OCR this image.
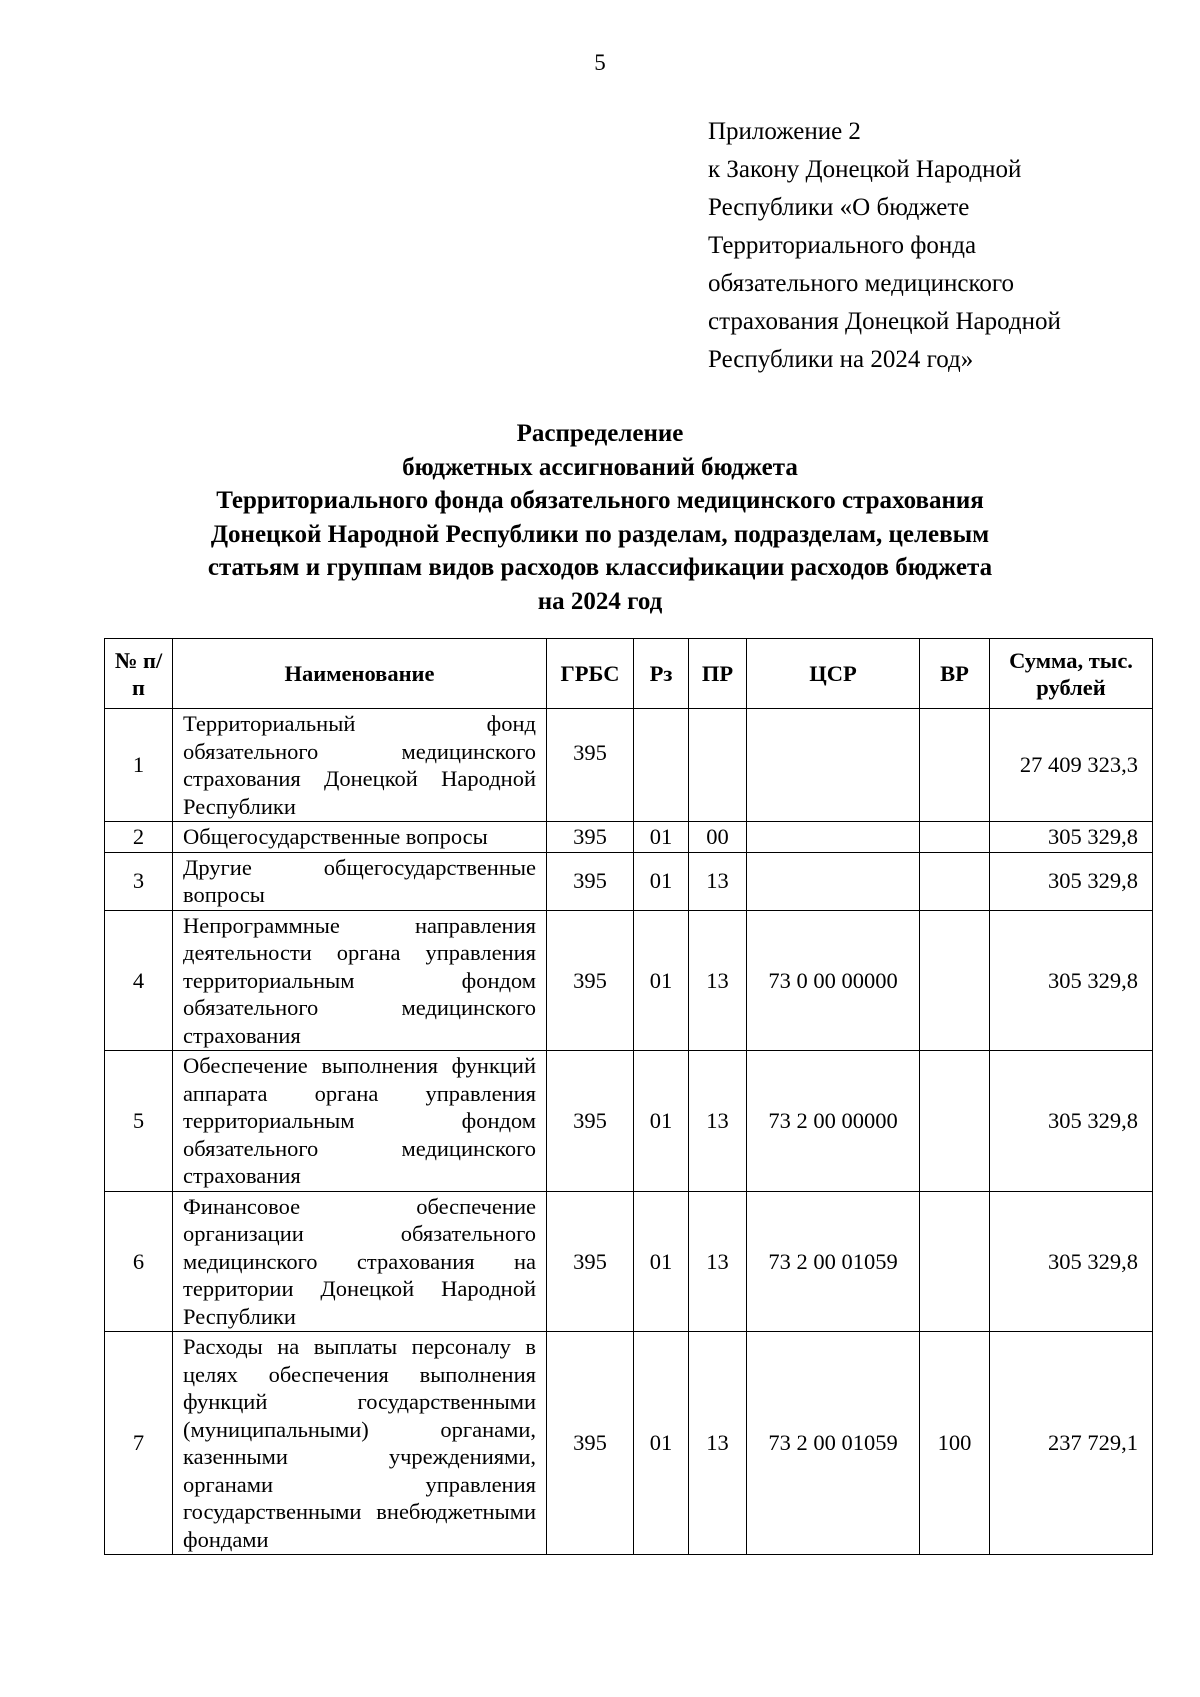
5
Приложение 2
к Закону Донецкой Народной
Республики «О бюджете
Территориального фонда
обязательного медицинского
страхования Донецкой Народной
Республики на 2024 год»
Распределение
бюджетных ассигнований бюджета
Территориального фонда обязательного медицинского страхования
Донецкой Народной Республики по разделам, подразделам, целевым
статьям и группам видов расходов классификации расходов бюджета
на 2024 год
№ п/п	Наименование	ГРБС	Рз	ПР	ЦСР	ВР	Сумма, тыс. рублей
1	Территориальный фонд обязательного медицинского страхования Донецкой Народной Республики	395					27 409 323,3
2	Общегосударственные вопросы	395	01	00			305 329,8
3	Другие общегосударственные вопросы	395	01	13			305 329,8
4	Непрограммные направления деятельности органа управления территориальным фондом обязательного медицинского страхования	395	01	13	73 0 00 00000		305 329,8
5	Обеспечение выполнения функций аппарата органа управления территориальным фондом обязательного медицинского страхования	395	01	13	73 2 00 00000		305 329,8
6	Финансовое обеспечение организации обязательного медицинского страхования на территории Донецкой Народной Республики	395	01	13	73 2 00 01059		305 329,8
7	Расходы на выплаты персоналу в целях обеспечения выполнения функций государственными (муниципальными) органами, казенными учреждениями, органами управления государственными внебюджетными фондами	395	01	13	73 2 00 01059	100	237 729,1
